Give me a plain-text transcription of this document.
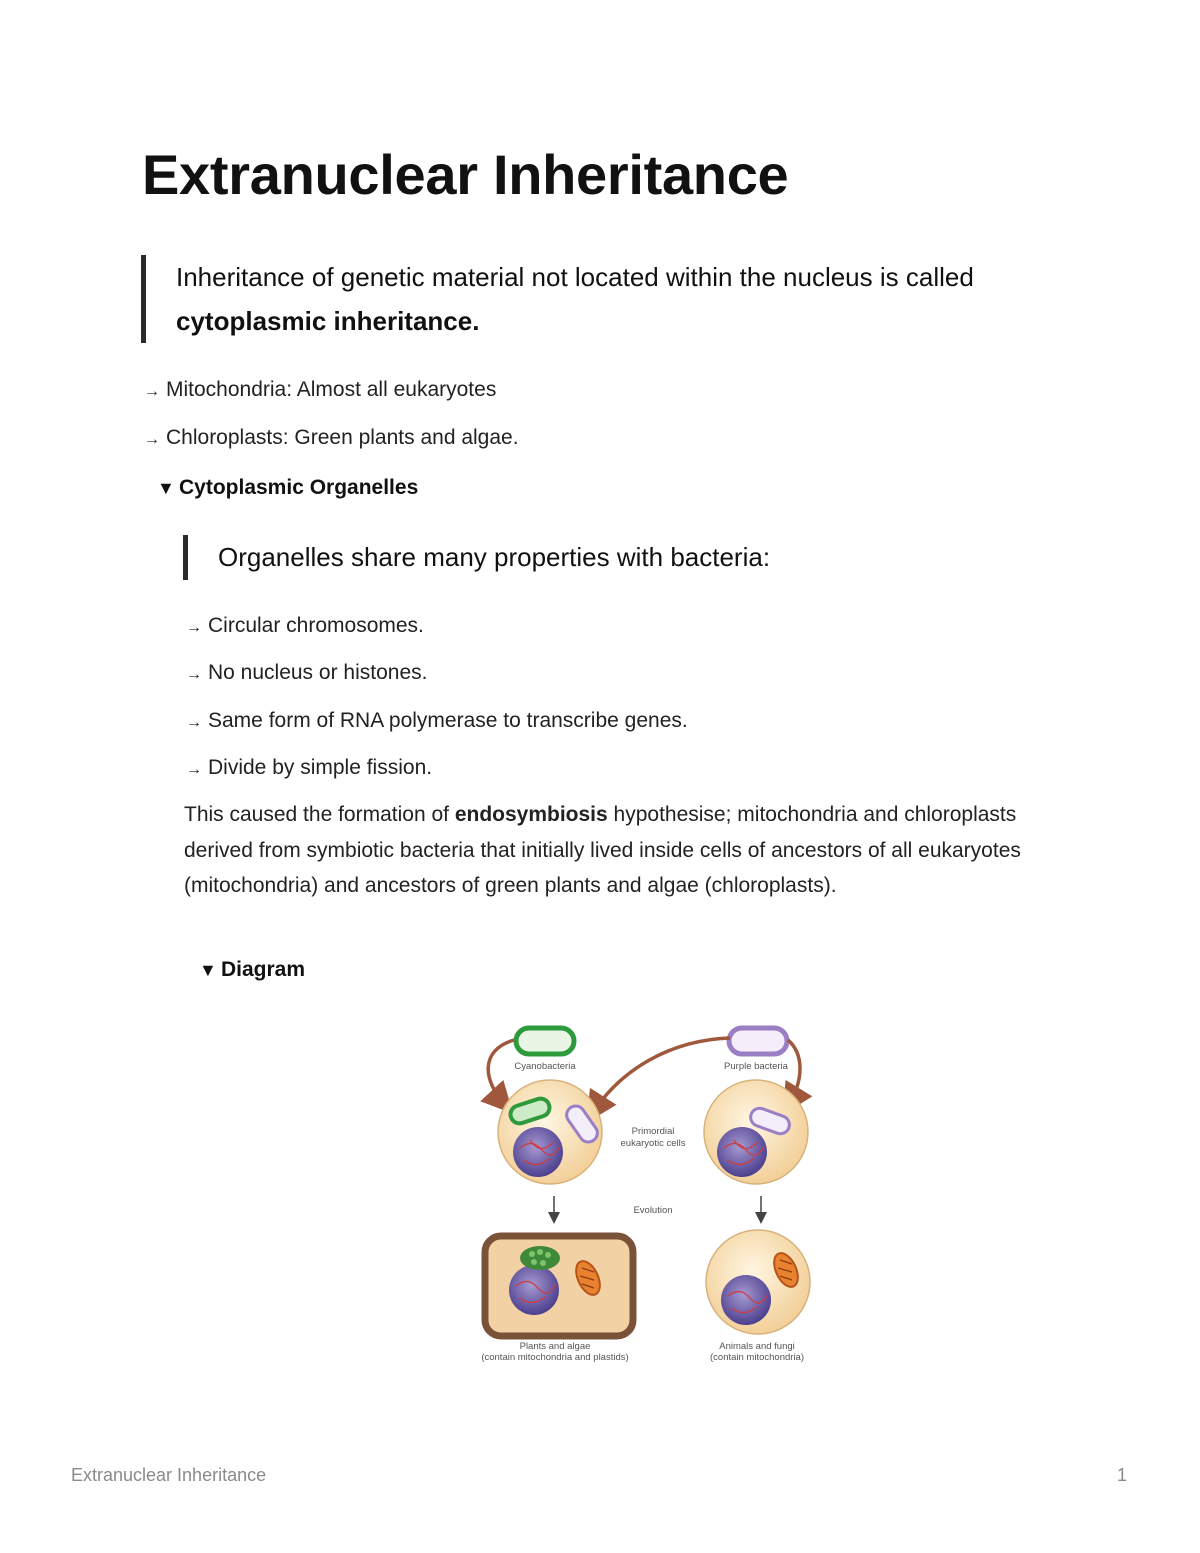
Extranuclear Inheritance

Inheritance of genetic material not located within the nucleus is called cytoplasmic inheritance.

→ Mitochondria: Almost all eukaryotes
→ Chloroplasts: Green plants and algae.
▼ Cytoplasmic Organelles

Organelles share many properties with bacteria:

→ Circular chromosomes.
→ No nucleus or histones.
→ Same form of RNA polymerase to transcribe genes.
→ Divide by simple fission.

This caused the formation of endosymbiosis hypothesise; mitochondria and chloroplasts derived from symbiotic bacteria that initially lived inside cells of ancestors of all eukaryotes (mitochondria) and ancestors of green plants and algae (chloroplasts).

▼ Diagram
Cyanobacteria	Purple bacteria
Primordial
eukaryotic cells
Evolution
Plants and algae
(contain mitochondria and plastids)
Animals and fungi
(contain mitochondria)
Extranuclear Inheritance	1
